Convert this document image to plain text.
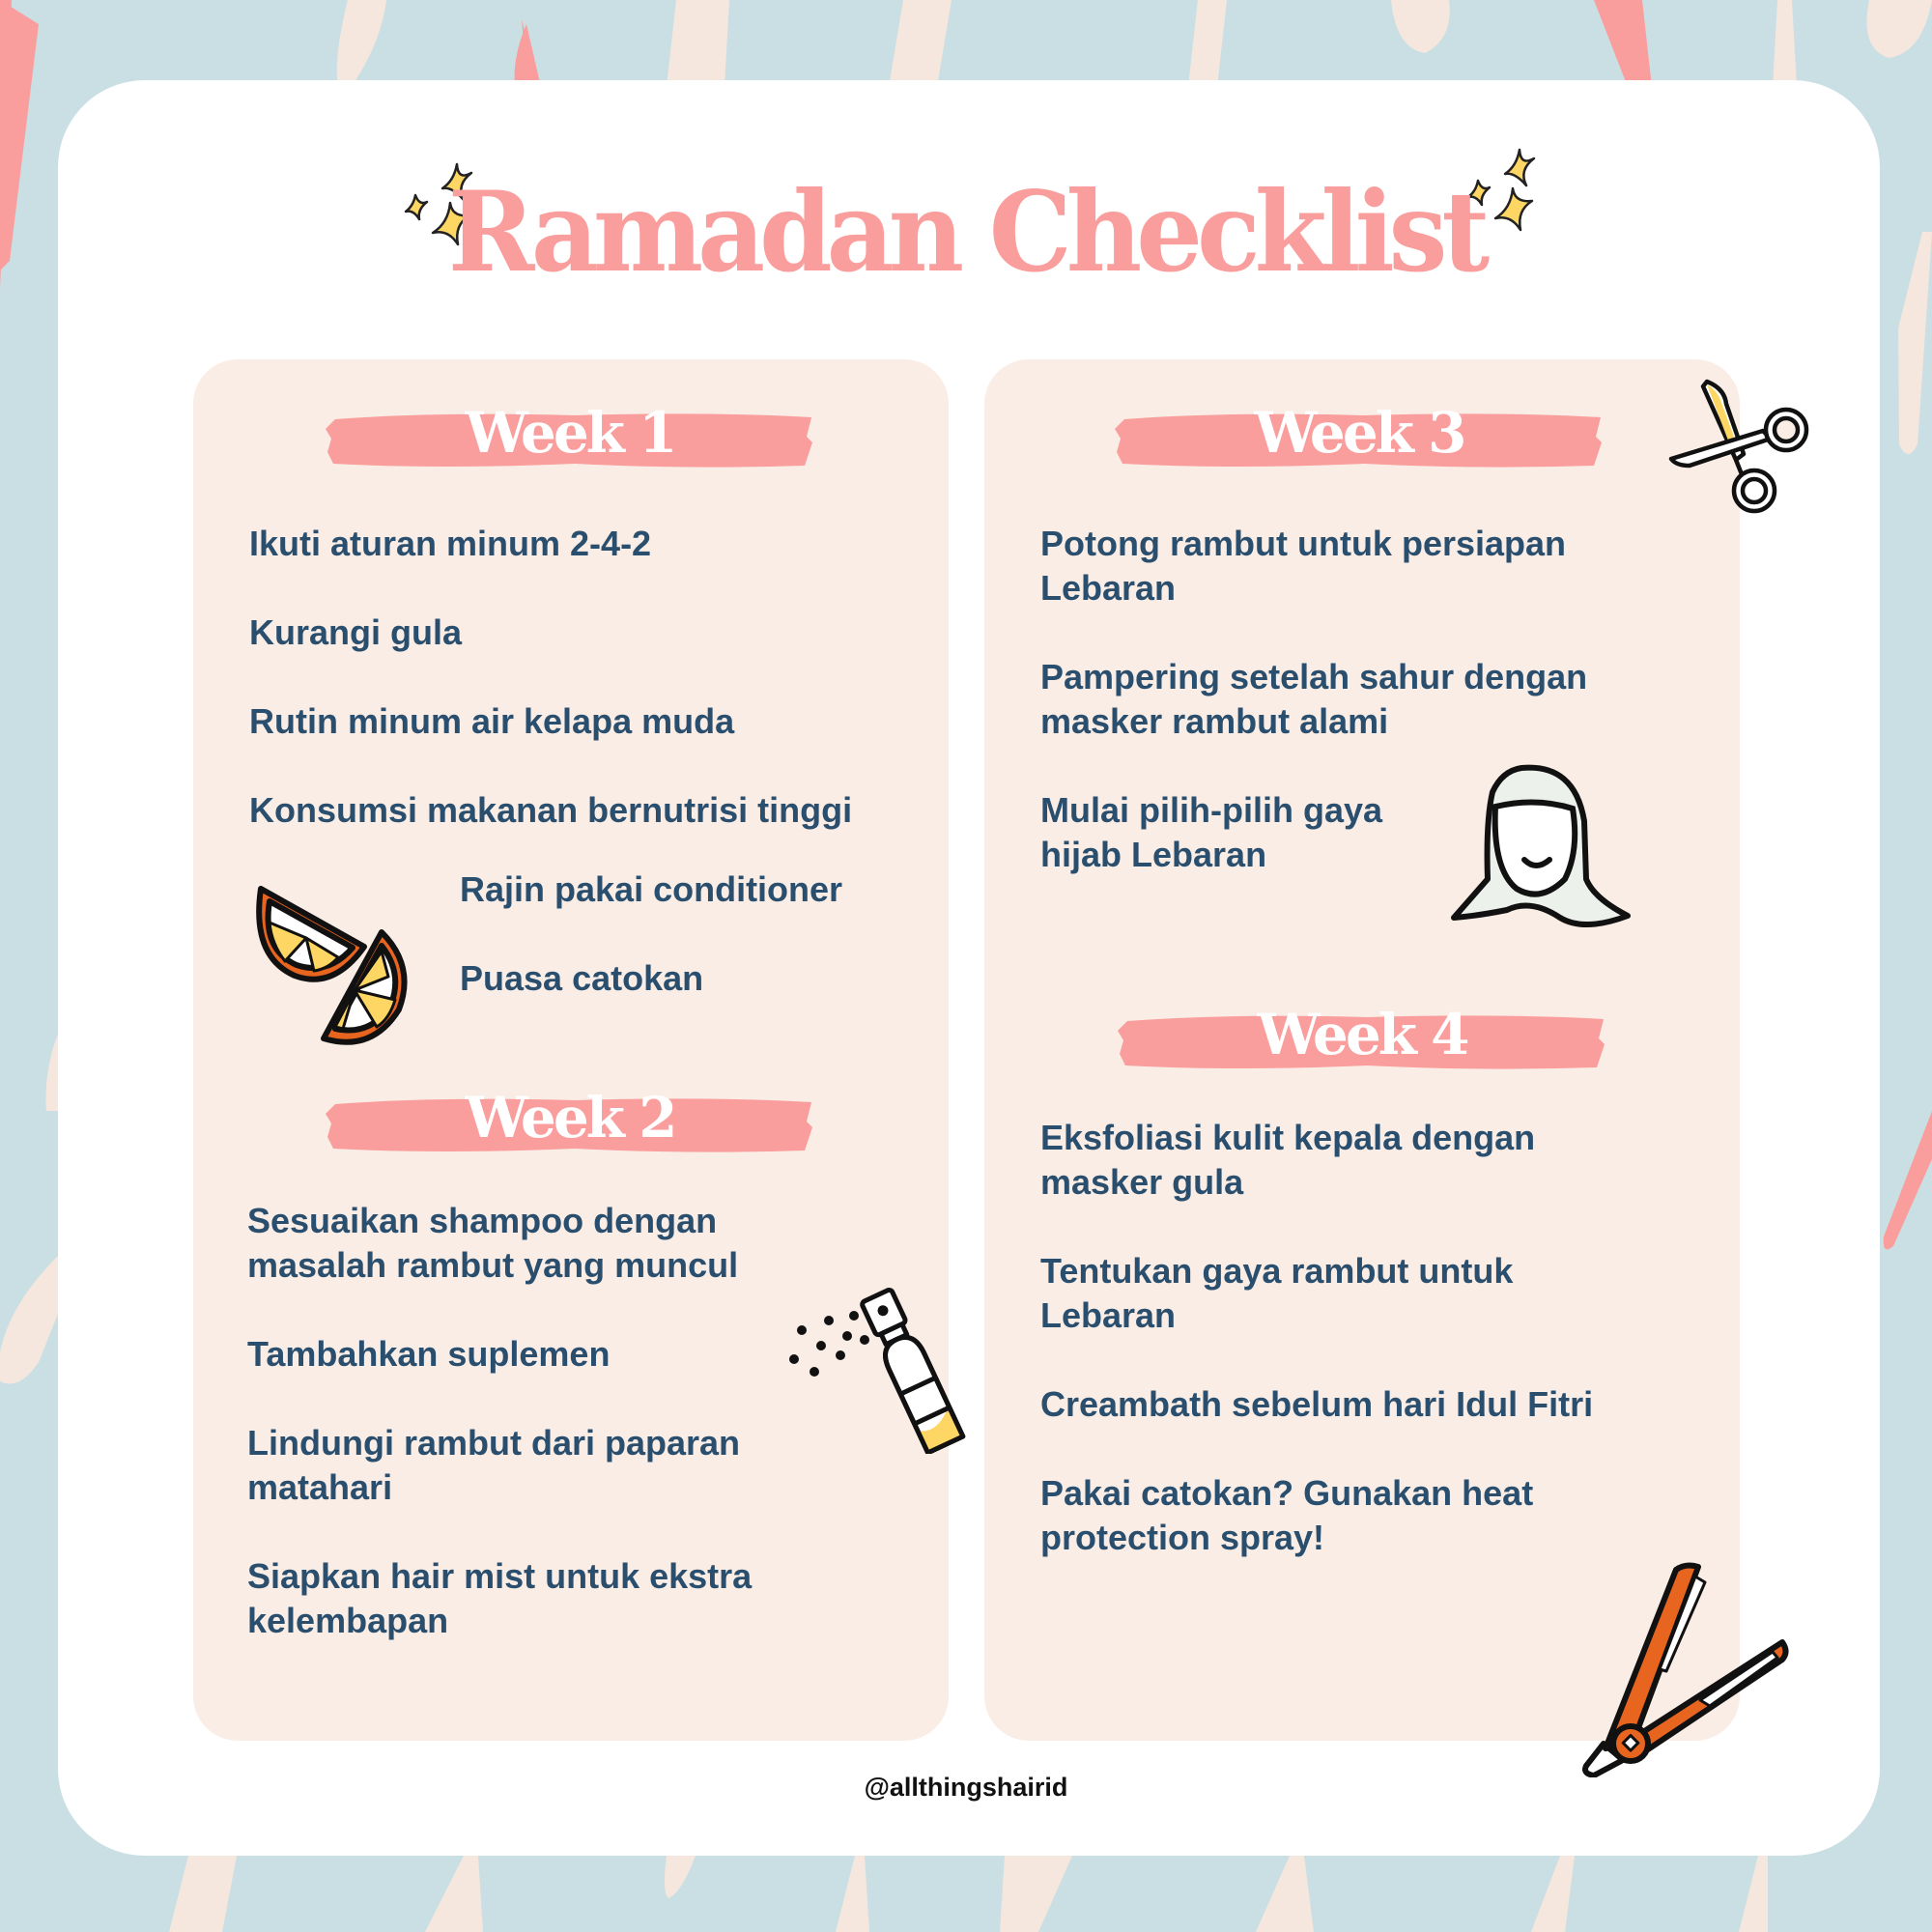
Ramadan Checklist
Week 1
Ikuti aturan minum 2-4-2
Kurangi gula
Rutin minum air kelapa muda
Konsumsi makanan bernutrisi tinggi
Rajin pakai conditioner
Puasa catokan
Week 2
Sesuaikan shampoo dengan masalah rambut yang muncul
Tambahkan suplemen
Lindungi rambut dari paparan matahari
Siapkan hair mist untuk ekstra kelembapan
Week 3
Potong rambut untuk persiapan Lebaran
Pampering setelah sahur dengan masker rambut alami
Mulai pilih-pilih gaya hijab Lebaran
Week 4
Eksfoliasi kulit kepala dengan masker gula
Tentukan gaya rambut untuk Lebaran
Creambath sebelum hari Idul Fitri
Pakai catokan? Gunakan heat protection spray!
@allthingshairid
